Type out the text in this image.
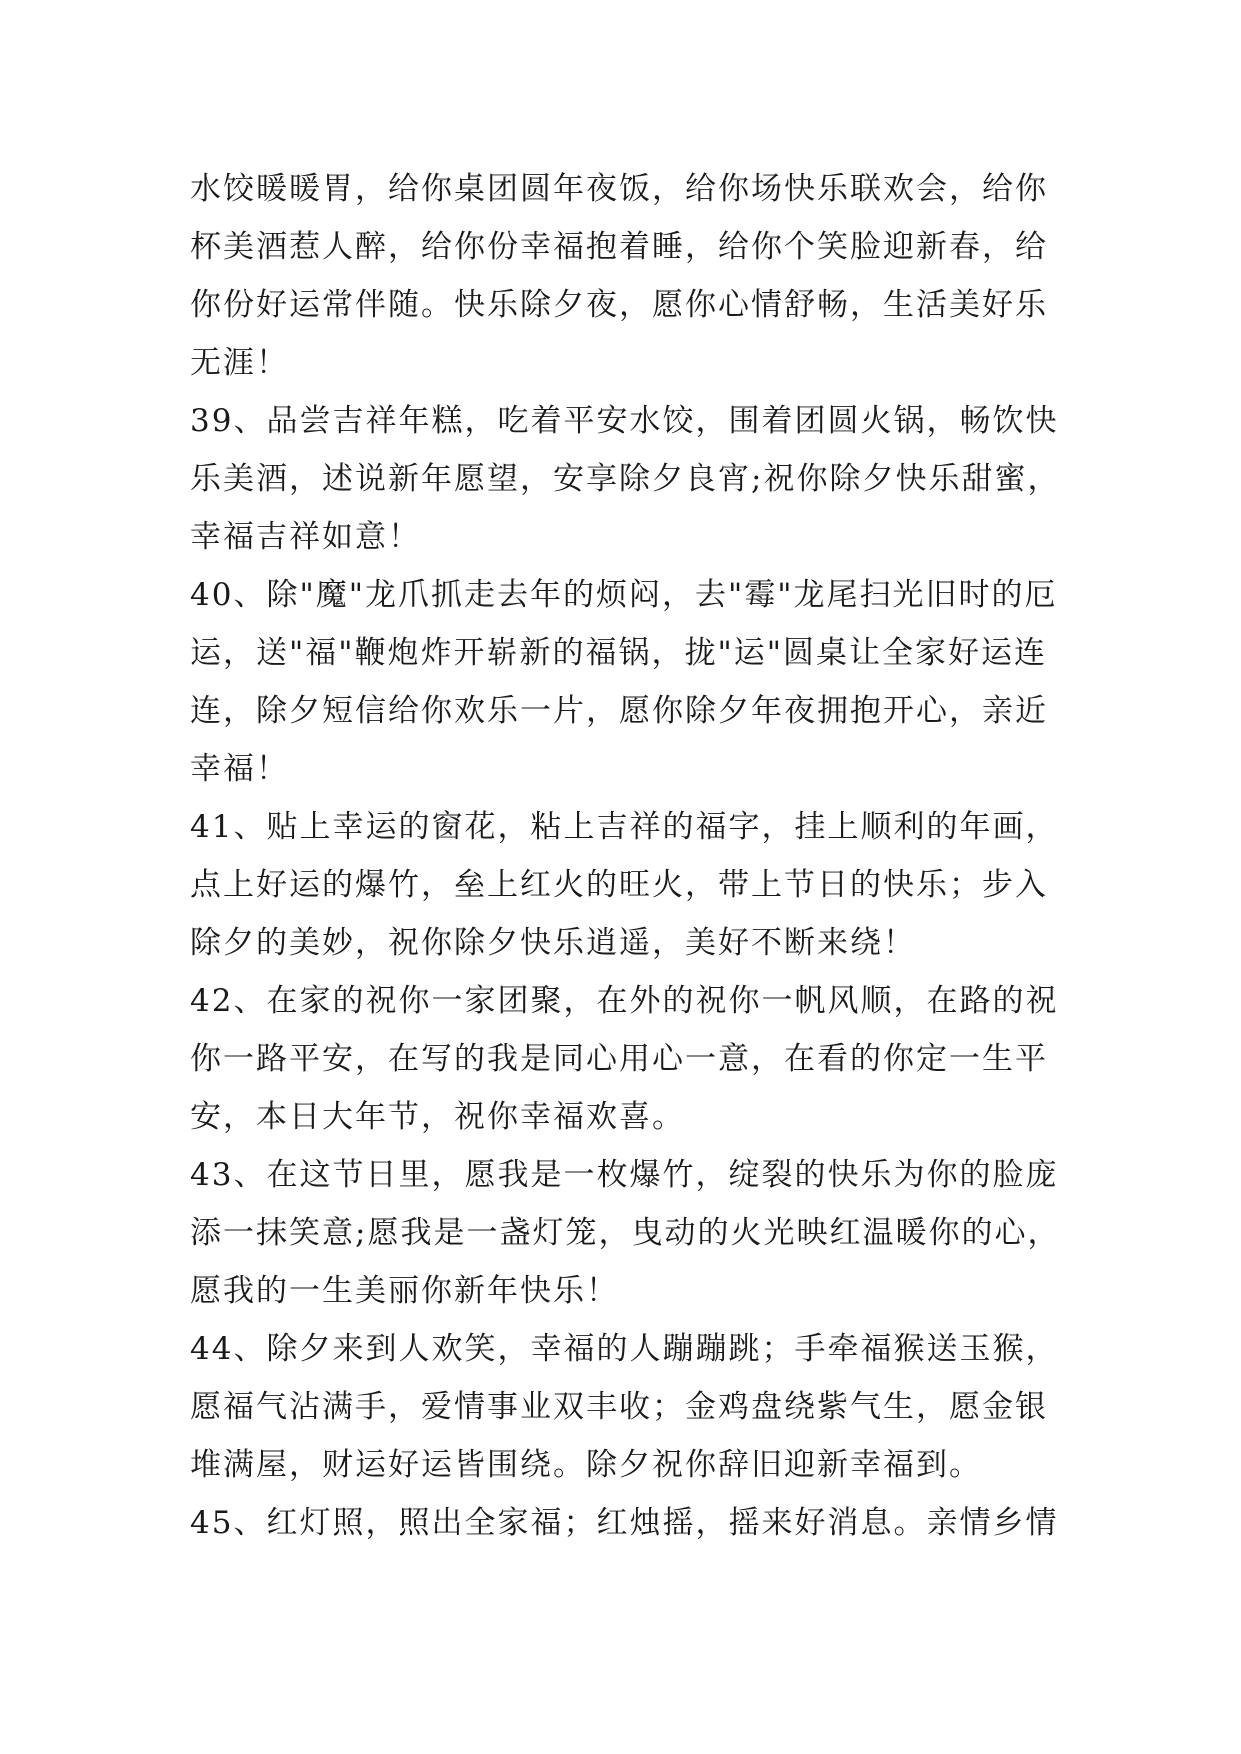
水饺暖暖胃，给你桌团圆年夜饭，给你场快乐联欢会，给你
杯美酒惹人醉，给你份幸福抱着睡，给你个笑脸迎新春，给
你份好运常伴随。快乐除夕夜，愿你心情舒畅，生活美好乐
无涯！
39、品尝吉祥年糕，吃着平安水饺，围着团圆火锅，畅饮快
乐美酒，述说新年愿望，安享除夕良宵;祝你除夕快乐甜蜜，
幸福吉祥如意！
40、除"魔"龙爪抓走去年的烦闷，去"霉"龙尾扫光旧时的厄
运，送"福"鞭炮炸开崭新的福锅，拢"运"圆桌让全家好运连
连，除夕短信给你欢乐一片，愿你除夕年夜拥抱开心，亲近
幸福！
41、贴上幸运的窗花，粘上吉祥的福字，挂上顺利的年画，
点上好运的爆竹，垒上红火的旺火，带上节日的快乐；步入
除夕的美妙，祝你除夕快乐逍遥，美好不断来绕！
42、在家的祝你一家团聚，在外的祝你一帆风顺，在路的祝
你一路平安，在写的我是同心用心一意，在看的你定一生平
安，本日大年节，祝你幸福欢喜。
43、在这节日里，愿我是一枚爆竹，绽裂的快乐为你的脸庞
添一抹笑意;愿我是一盏灯笼，曳动的火光映红温暖你的心，
愿我的一生美丽你新年快乐！
44、除夕来到人欢笑，幸福的人蹦蹦跳；手牵福猴送玉猴，
愿福气沾满手，爱情事业双丰收；金鸡盘绕紫气生，愿金银
堆满屋，财运好运皆围绕。除夕祝你辞旧迎新幸福到。
45、红灯照，照出全家福；红烛摇，摇来好消息。亲情乡情
